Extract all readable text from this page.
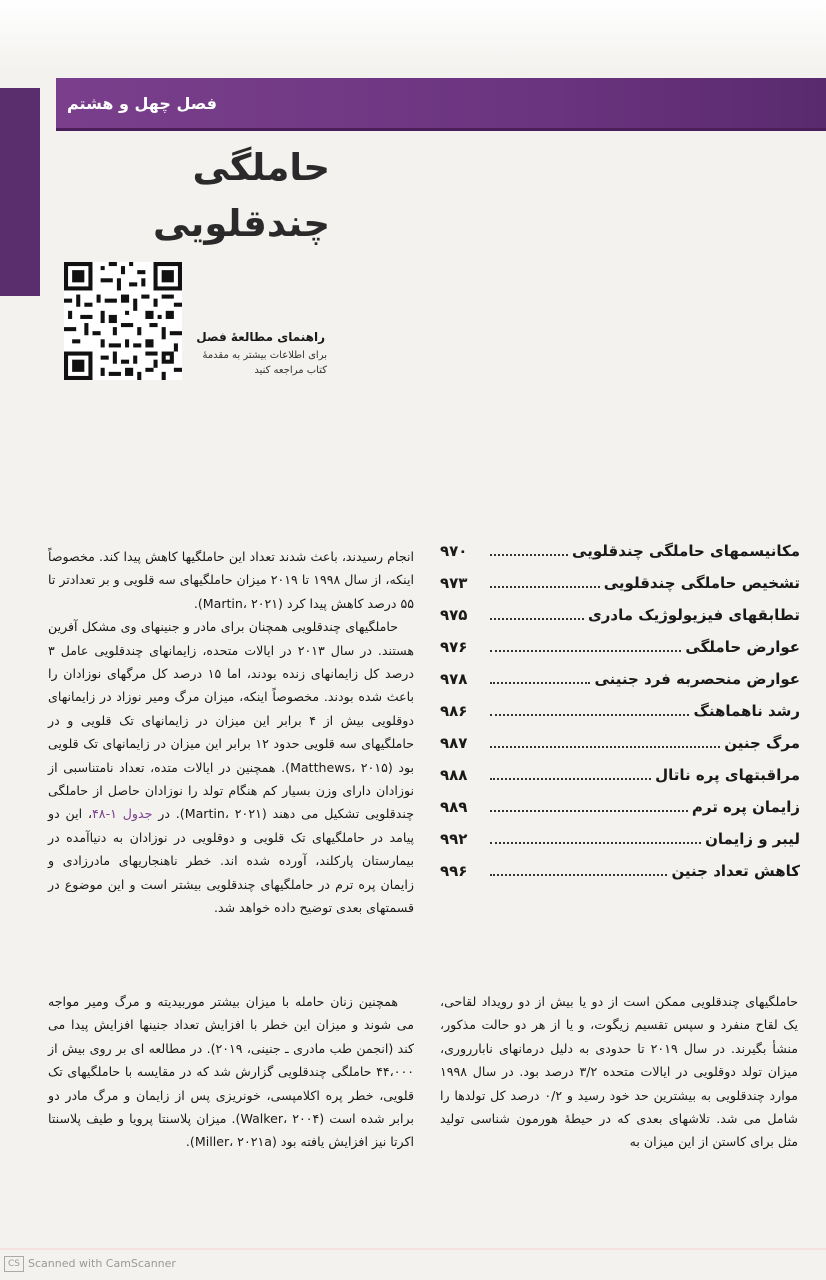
فصل چهل و هشتم
حاملگی چندقلویی
راهنمای مطالعهٔ فصل
برای اطلاعات بیشتر به مقدمهٔ کتاب مراجعه کنید
مکانیسمهای حاملگی چندقلویی
۹۷۰
تشخیص حاملگی چندقلویی
۹۷۳
تطابقهای فیزیولوژیک مادری
۹۷۵
عوارض حاملگی
۹۷۶
عوارض منحصربه فرد جنینی
۹۷۸
رشد ناهماهنگ
۹۸۶
مرگ جنین
۹۸۷
مراقبتهای پره ناتال
۹۸۸
زایمان پره ترم
۹۸۹
لیبر و زایمان
۹۹۲
کاهش تعداد جنین
۹۹۶

انجام رسیدند، باعث شدند تعداد این حاملگیها کاهش پیدا کند. مخصوصاً اینکه، از سال ۱۹۹۸ تا ۲۰۱۹ میزان حاملگیهای سه قلویی و بر تعدادتر تا ۵۵ درصد کاهش پیدا کرد (Martin، ۲۰۲۱).

حاملگیهای چندقلویی همچنان برای مادر و جنینهای وی مشکل آفرین هستند. در سال ۲۰۱۳ در ایالات متحده، زایمانهای چندقلویی عامل ۳ درصد کل زایمانهای زنده بودند، اما ۱۵ درصد کل مرگهای نوزادان را باعث شده بودند. مخصوصاً اینکه، میزان مرگ ومیر نوزاد در زایمانهای دوقلویی بیش از ۴ برابر این میزان در زایمانهای تک قلویی و در حاملگیهای سه قلویی حدود ۱۲ برابر این میزان در زایمانهای تک قلویی بود (Matthews، ۲۰۱۵). همچنین در ایالات متده، تعداد نامتناسبی از نوزادان دارای وزن بسیار کم هنگام تولد را نوزادان حاصل از حاملگی چندقلویی تشکیل می دهند (Martin، ۲۰۲۱). در جدول ۱-۴۸، این دو پیامد در حاملگیهای تک قلویی و دوقلویی در نوزادان به دنیاآمده در بیمارستان پارکلند، آورده شده اند. خطر ناهنجاریهای مادرزادی و زایمان پره ترم در حاملگیهای چندقلویی بیشتر است و این موضوع در قسمتهای بعدی توضیح داده خواهد شد.

همچنین زنان حامله با میزان بیشتر موربیدیته و مرگ ومیر مواجه می شوند و میزان این خطر با افزایش تعداد جنینها افزایش پیدا می کند (انجمن طب مادری ـ جنینی، ۲۰۱۹). در مطالعه ای بر روی بیش از ۴۴،۰۰۰ حاملگی چندقلویی گزارش شد که در مقایسه با حاملگیهای تک قلویی، خطر پره اکلامپسی، خونریزی پس از زایمان و مرگ مادر دو برابر شده است (Walker، ۲۰۰۴). میزان پلاسنتا پرویا و طیف پلاسنتا اکرتا نیز افزایش یافته بود (Miller، ۲۰۲۱a).

حاملگیهای چندقلویی ممکن است از دو یا بیش از دو رویداد لقاحی، یک لقاح منفرد و سپس تقسیم زیگوت، و یا از هر دو حالت مذکور، منشأ بگیرند. در سال ۲۰۱۹ تا حدودی به دلیل درمانهای نابارروری، میزان تولد دوقلویی در ایالات متحده ۳/۲ درصد بود. در سال ۱۹۹۸ موارد چندقلویی به بیشترین حد خود رسید و ۰/۲ درصد کل تولدها را شامل می شد. تلاشهای بعدی که در حیطهٔ هورمون شناسی تولید مثل برای کاستن از این میزان به

CS Scanned with CamScanner
